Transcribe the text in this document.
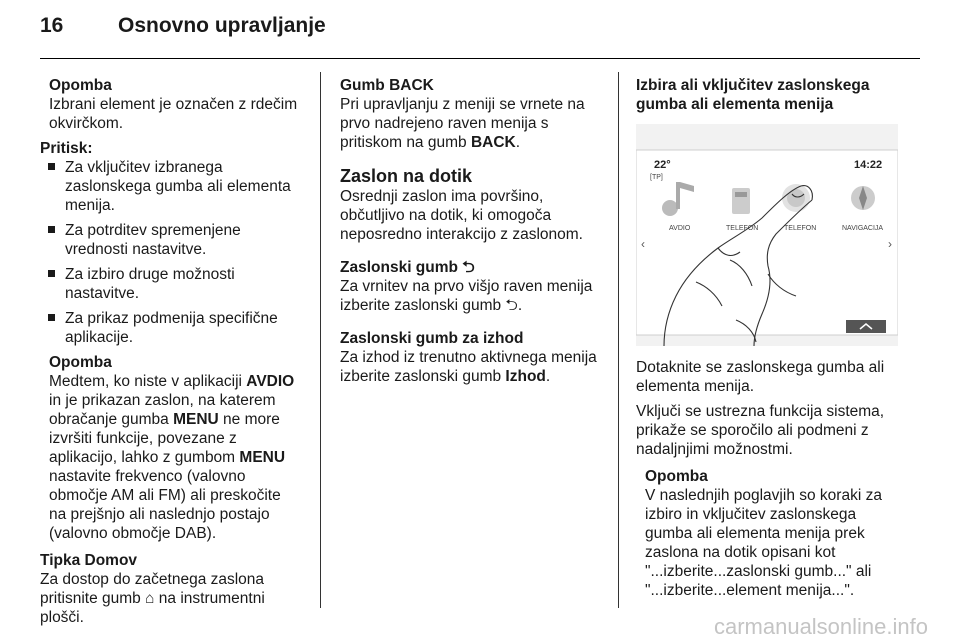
16	Osnovno upravljanje

Opomba

Izbrani element je označen z rdečim okvirčkom.

Pritisk:

Za vključitev izbranega zaslonskega gumba ali elementa menija.
Za potrditev spremenjene vrednosti nastavitve.
Za izbiro druge možnosti nastavitve.
Za prikaz podmenija specifične aplikacije.

Opomba

Medtem, ko niste v aplikaciji AVDIO in je prikazan zaslon, na katerem obračanje gumba MENU ne more izvršiti funkcije, povezane z aplikacijo, lahko z gumbom MENU nastavite frekvenco (valovno območje AM ali FM) ali preskočite na prejšnjo ali naslednjo postajo (valovno območje DAB).

Tipka Domov

Za dostop do začetnega zaslona pritisnite gumb ⌂ na instrumentni plošči.

Gumb BACK

Pri upravljanju z meniji se vrnete na prvo nadrejeno raven menija s pritiskom na gumb BACK.

Zaslon na dotik

Osrednji zaslon ima površino, občutljivo na dotik, ki omogoča neposredno interakcijo z zaslonom.

Zaslonski gumb ⮌

Za vrnitev na prvo višjo raven menija izberite zaslonski gumb ⮌.

Zaslonski gumb za izhod

Za izhod iz trenutno aktivnega menija izberite zaslonski gumb Izhod.

Izbira ali vključitev zaslonskega gumba ali elementa menija

22°
[TP]
14:22
AVDIO	TELEFON	TELEFON	NAVIGACIJA
‹	›

Dotaknite se zaslonskega gumba ali elementa menija.

Vključi se ustrezna funkcija sistema, prikaže se sporočilo ali podmeni z nadaljnjimi možnostmi.

Opomba

V naslednjih poglavjih so koraki za izbiro in vključitev zaslonskega gumba ali elementa menija prek zaslona na dotik opisani kot "...izberite...zaslonski gumb..." ali "...izberite...element menija...".

carmanualsonline.info
